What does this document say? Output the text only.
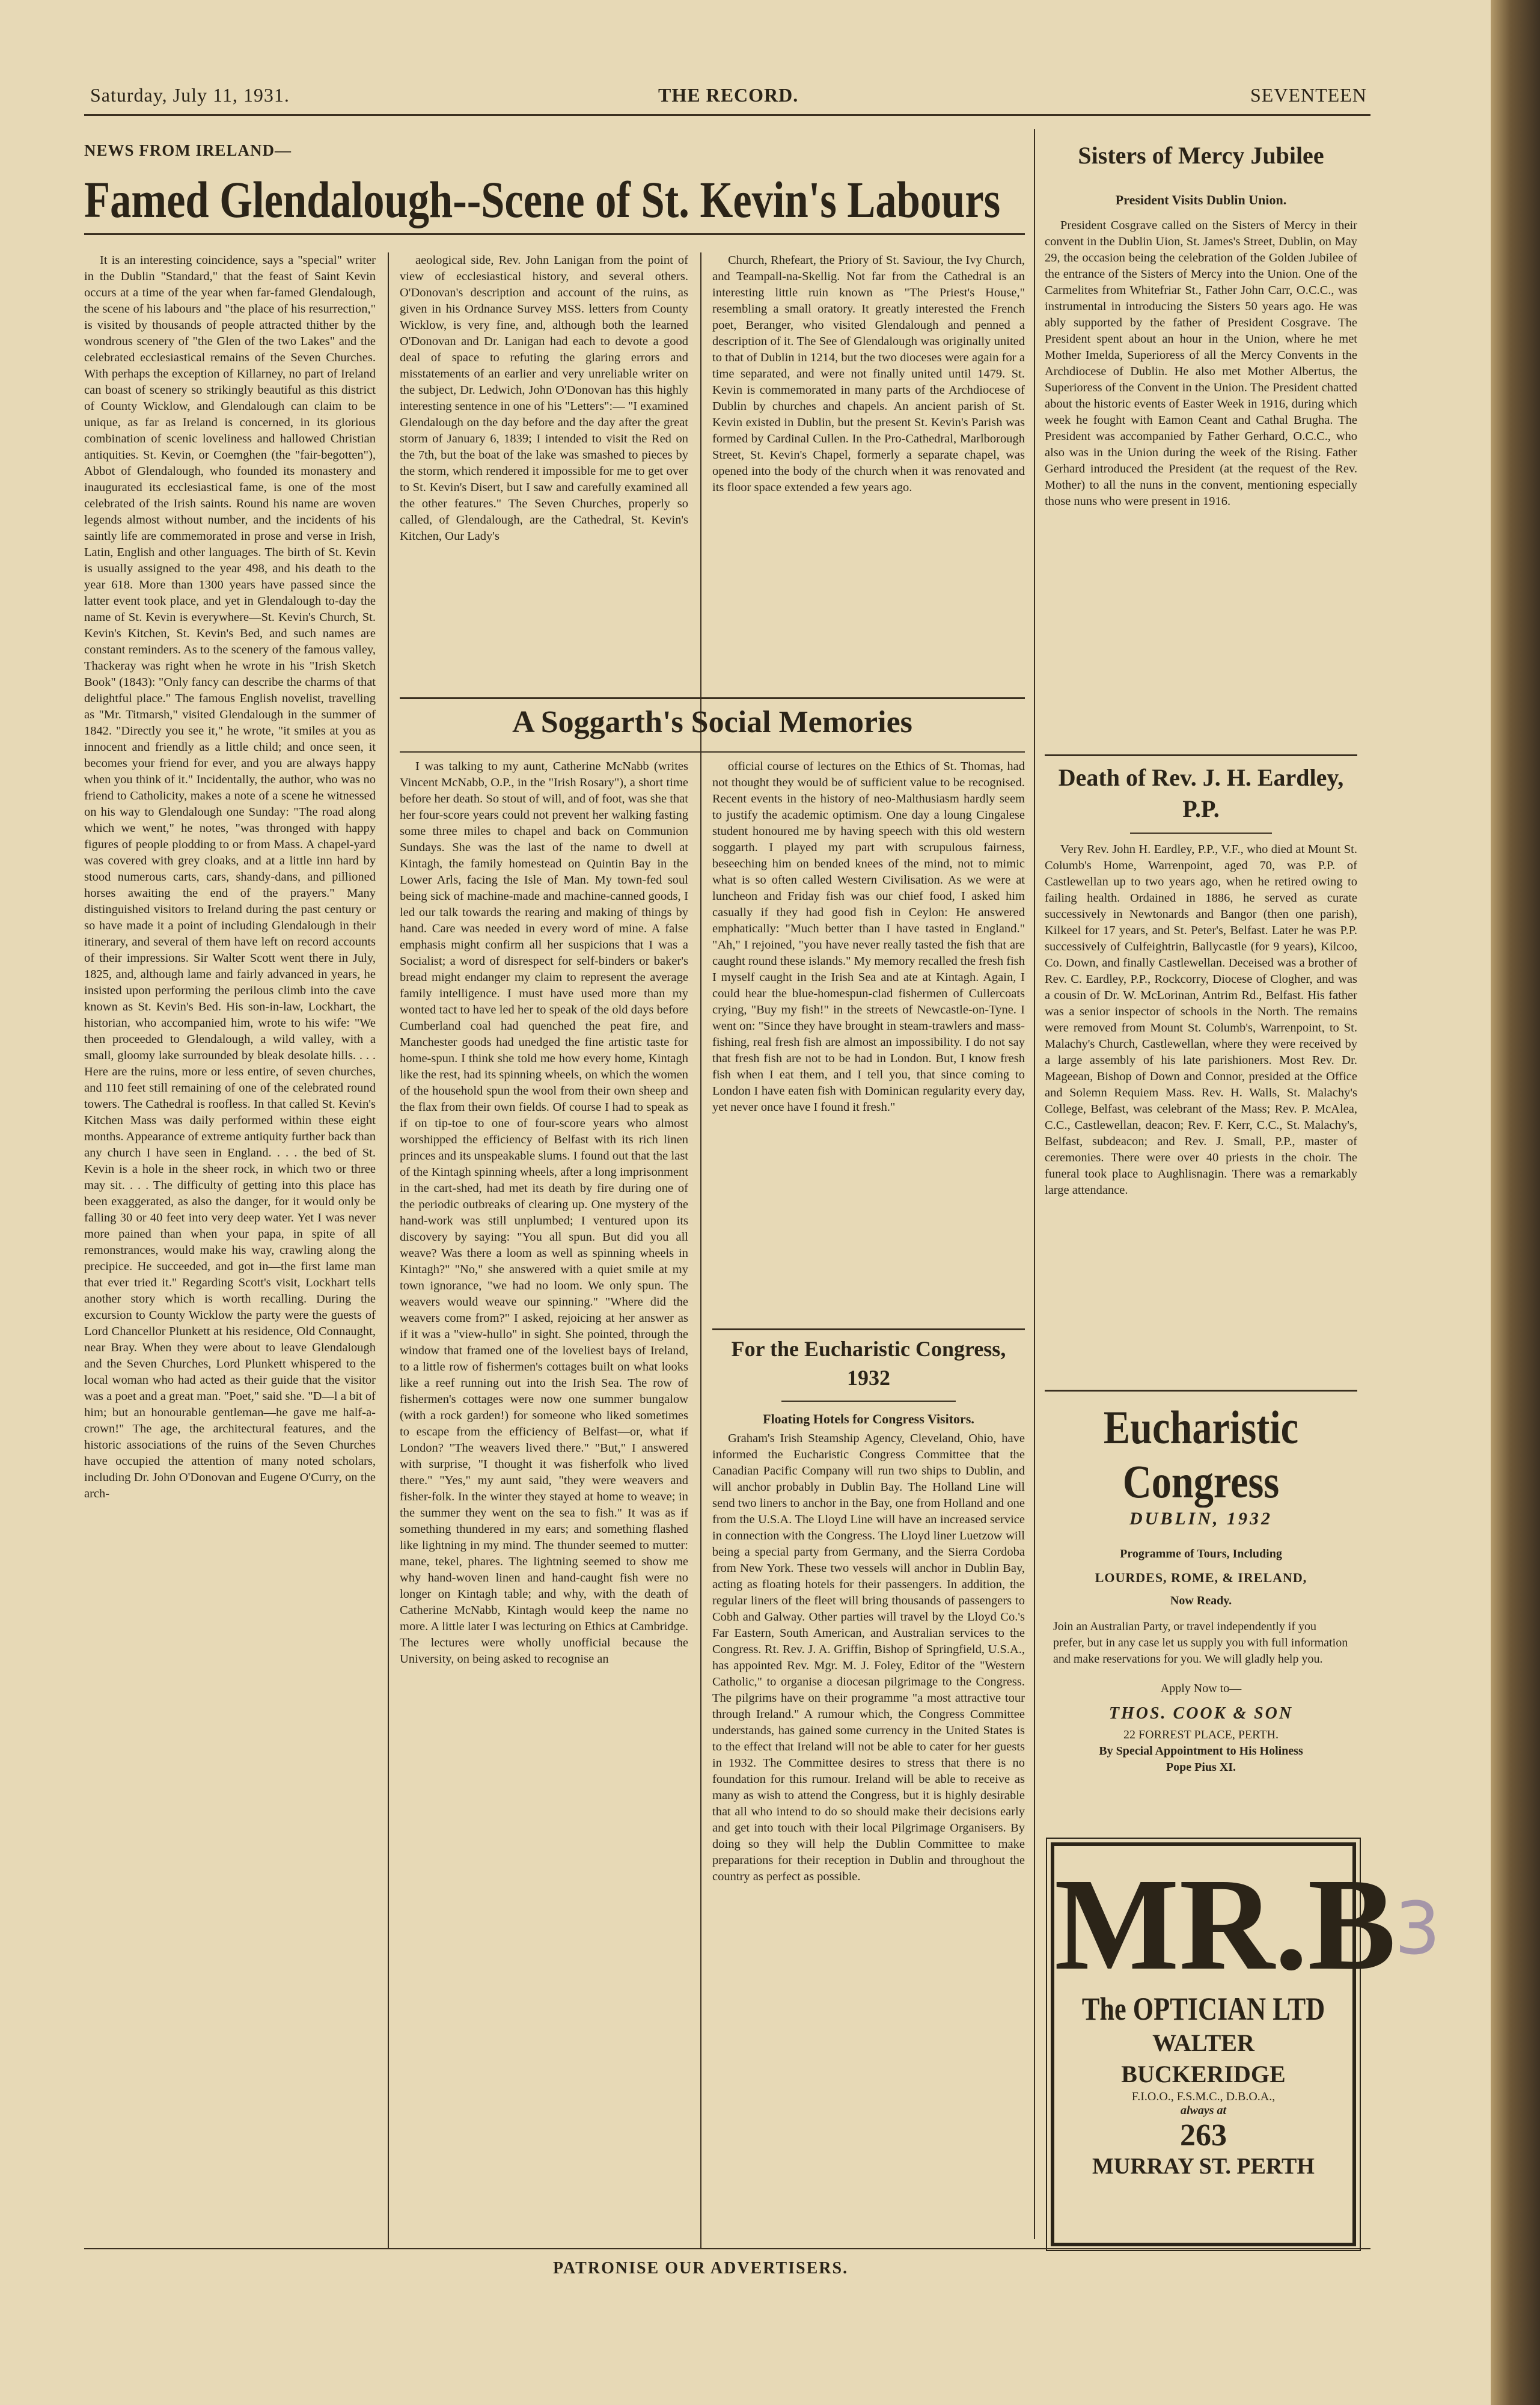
Saturday, July 11, 1931.	THE RECORD.	SEVENTEEN
NEWS FROM IRELAND—
Famed Glendalough--Scene of St. Kevin's Labours

It is an interesting coincidence, says a "special" writer in the Dublin "Standard," that the feast of Saint Kevin occurs at a time of the year when far-famed Glendalough, the scene of his labours and "the place of his resurrection," is visited by thousands of people attracted thither by the wondrous scenery of "the Glen of the two Lakes" and the celebrated ecclesiastical remains of the Seven Churches. With perhaps the exception of Killarney, no part of Ireland can boast of scenery so strikingly beautiful as this district of County Wicklow, and Glendalough can claim to be unique, as far as Ireland is concerned, in its glorious combination of scenic loveliness and hallowed Christian antiquities. St. Kevin, or Coemghen (the "fair-begotten"), Abbot of Glendalough, who founded its monastery and inaugurated its ecclesiastical fame, is one of the most celebrated of the Irish saints. Round his name are woven legends almost without number, and the incidents of his saintly life are commemorated in prose and verse in Irish, Latin, English and other languages. The birth of St. Kevin is usually assigned to the year 498, and his death to the year 618. More than 1300 years have passed since the latter event took place, and yet in Glendalough to-day the name of St. Kevin is everywhere—St. Kevin's Church, St. Kevin's Kitchen, St. Kevin's Bed, and such names are constant reminders. As to the scenery of the famous valley, Thackeray was right when he wrote in his "Irish Sketch Book" (1843): "Only fancy can describe the charms of that delightful place." The famous English novelist, travelling as "Mr. Titmarsh," visited Glendalough in the summer of 1842. "Directly you see it," he wrote, "it smiles at you as innocent and friendly as a little child; and once seen, it becomes your friend for ever, and you are always happy when you think of it." Incidentally, the author, who was no friend to Catholicity, makes a note of a scene he witnessed on his way to Glendalough one Sunday: "The road along which we went," he notes, "was thronged with happy figures of people plodding to or from Mass. A chapel-yard was covered with grey cloaks, and at a little inn hard by stood numerous carts, cars, shandy-dans, and pillioned horses awaiting the end of the prayers." Many distinguished visitors to Ireland during the past century or so have made it a point of including Glendalough in their itinerary, and several of them have left on record accounts of their impressions. Sir Walter Scott went there in July, 1825, and, although lame and fairly advanced in years, he insisted upon performing the perilous climb into the cave known as St. Kevin's Bed. His son-in-law, Lockhart, the historian, who accompanied him, wrote to his wife: "We then proceeded to Glendalough, a wild valley, with a small, gloomy lake surrounded by bleak desolate hills. . . . Here are the ruins, more or less entire, of seven churches, and 110 feet still remaining of one of the celebrated round towers. The Cathedral is roofless. In that called St. Kevin's Kitchen Mass was daily performed within these eight months. Appearance of extreme antiquity further back than any church I have seen in England. . . . the bed of St. Kevin is a hole in the sheer rock, in which two or three may sit. . . . The difficulty of getting into this place has been exaggerated, as also the danger, for it would only be falling 30 or 40 feet into very deep water. Yet I was never more pained than when your papa, in spite of all remonstrances, would make his way, crawling along the precipice. He succeeded, and got in—the first lame man that ever tried it." Regarding Scott's visit, Lockhart tells another story which is worth recalling. During the excursion to County Wicklow the party were the guests of Lord Chancellor Plunkett at his residence, Old Connaught, near Bray. When they were about to leave Glendalough and the Seven Churches, Lord Plunkett whispered to the local woman who had acted as their guide that the visitor was a poet and a great man. "Poet," said she. "D—l a bit of him; but an honourable gentleman—he gave me half-a-crown!" The age, the architectural features, and the historic associations of the ruins of the Seven Churches have occupied the attention of many noted scholars, including Dr. John O'Donovan and Eugene O'Curry, on the arch-

aeological side, Rev. John Lanigan from the point of view of ecclesiastical history, and several others. O'Donovan's description and account of the ruins, as given in his Ordnance Survey MSS. letters from County Wicklow, is very fine, and, although both the learned O'Donovan and Dr. Lanigan had each to devote a good deal of space to refuting the glaring errors and misstatements of an earlier and very unreliable writer on the subject, Dr. Ledwich, John O'Donovan has this highly interesting sentence in one of his "Letters":— "I examined Glendalough on the day before and the day after the great storm of January 6, 1839; I intended to visit the Red on the 7th, but the boat of the lake was smashed to pieces by the storm, which rendered it impossible for me to get over to St. Kevin's Disert, but I saw and carefully examined all the other features." The Seven Churches, properly so called, of Glendalough, are the Cathedral, St. Kevin's Kitchen, Our Lady's

Church, Rhefeart, the Priory of St. Saviour, the Ivy Church, and Teampall-na-Skellig. Not far from the Cathedral is an interesting little ruin known as "The Priest's House," resembling a small oratory. It greatly interested the French poet, Beranger, who visited Glendalough and penned a description of it. The See of Glendalough was originally united to that of Dublin in 1214, but the two dioceses were again for a time separated, and were not finally united until 1479. St. Kevin is commemorated in many parts of the Archdiocese of Dublin by churches and chapels. An ancient parish of St. Kevin existed in Dublin, but the present St. Kevin's Parish was formed by Cardinal Cullen. In the Pro-Cathedral, Marlborough Street, St. Kevin's Chapel, formerly a separate chapel, was opened into the body of the church when it was renovated and its floor space extended a few years ago.

A Soggarth's Social Memories

I was talking to my aunt, Catherine McNabb (writes Vincent McNabb, O.P., in the "Irish Rosary"), a short time before her death. So stout of will, and of foot, was she that her four-score years could not prevent her walking fasting some three miles to chapel and back on Communion Sundays. She was the last of the name to dwell at Kintagh, the family homestead on Quintin Bay in the Lower Arls, facing the Isle of Man. My town-fed soul being sick of machine-made and machine-canned goods, I led our talk towards the rearing and making of things by hand. Care was needed in every word of mine. A false emphasis might confirm all her suspicions that I was a Socialist; a word of disrespect for self-binders or baker's bread might endanger my claim to represent the average family intelligence. I must have used more than my wonted tact to have led her to speak of the old days before Cumberland coal had quenched the peat fire, and Manchester goods had unedged the fine artistic taste for home-spun. I think she told me how every home, Kintagh like the rest, had its spinning wheels, on which the women of the household spun the wool from their own sheep and the flax from their own fields. Of course I had to speak as if on tip-toe to one of four-score years who almost worshipped the efficiency of Belfast with its rich linen princes and its unspeakable slums. I found out that the last of the Kintagh spinning wheels, after a long imprisonment in the cart-shed, had met its death by fire during one of the periodic outbreaks of clearing up. One mystery of the hand-work was still unplumbed; I ventured upon its discovery by saying: "You all spun. But did you all weave? Was there a loom as well as spinning wheels in Kintagh?" "No," she answered with a quiet smile at my town ignorance, "we had no loom. We only spun. The weavers would weave our spinning." "Where did the weavers come from?" I asked, rejoicing at her answer as if it was a "view-hullo" in sight. She pointed, through the window that framed one of the loveliest bays of Ireland, to a little row of fishermen's cottages built on what looks like a reef running out into the Irish Sea. The row of fishermen's cottages were now one summer bungalow (with a rock garden!) for someone who liked sometimes to escape from the efficiency of Belfast—or, what if London? "The weavers lived there." "But," I answered with surprise, "I thought it was fisherfolk who lived there." "Yes," my aunt said, "they were weavers and fisher-folk. In the winter they stayed at home to weave; in the summer they went on the sea to fish." It was as if something thundered in my ears; and something flashed like lightning in my mind. The thunder seemed to mutter: mane, tekel, phares. The lightning seemed to show me why hand-woven linen and hand-caught fish were no longer on Kintagh table; and why, with the death of Catherine McNabb, Kintagh would keep the name no more. A little later I was lecturing on Ethics at Cambridge. The lectures were wholly unofficial because the University, on being asked to recognise an

official course of lectures on the Ethics of St. Thomas, had not thought they would be of sufficient value to be recognised. Recent events in the history of neo-Malthusiasm hardly seem to justify the academic optimism. One day a loung Cingalese student honoured me by having speech with this old western soggarth. I played my part with scrupulous fairness, beseeching him on bended knees of the mind, not to mimic what is so often called Western Civilisation. As we were at luncheon and Friday fish was our chief food, I asked him casually if they had good fish in Ceylon: He answered emphatically: "Much better than I have tasted in England." "Ah," I rejoined, "you have never really tasted the fish that are caught round these islands." My memory recalled the fresh fish I myself caught in the Irish Sea and ate at Kintagh. Again, I could hear the blue-homespun-clad fishermen of Cullercoats crying, "Buy my fish!" in the streets of Newcastle-on-Tyne. I went on: "Since they have brought in steam-trawlers and mass-fishing, real fresh fish are almost an impossibility. I do not say that fresh fish are not to be had in London. But, I know fresh fish when I eat them, and I tell you, that since coming to London I have eaten fish with Dominican regularity every day, yet never once have I found it fresh."

For the Eucharistic Congress, 1932
Floating Hotels for Congress Visitors.

Graham's Irish Steamship Agency, Cleveland, Ohio, have informed the Eucharistic Congress Committee that the Canadian Pacific Company will run two ships to Dublin, and will anchor probably in Dublin Bay. The Holland Line will send two liners to anchor in the Bay, one from Holland and one from the U.S.A. The Lloyd Line will have an increased service in connection with the Congress. The Lloyd liner Luetzow will being a special party from Germany, and the Sierra Cordoba from New York. These two vessels will anchor in Dublin Bay, acting as floating hotels for their passengers. In addition, the regular liners of the fleet will bring thousands of passengers to Cobh and Galway. Other parties will travel by the Lloyd Co.'s Far Eastern, South American, and Australian services to the Congress. Rt. Rev. J. A. Griffin, Bishop of Springfield, U.S.A., has appointed Rev. Mgr. M. J. Foley, Editor of the "Western Catholic," to organise a diocesan pilgrimage to the Congress. The pilgrims have on their programme "a most attractive tour through Ireland." A rumour which, the Congress Committee understands, has gained some currency in the United States is to the effect that Ireland will not be able to cater for her guests in 1932. The Committee desires to stress that there is no foundation for this rumour. Ireland will be able to receive as many as wish to attend the Congress, but it is highly desirable that all who intend to do so should make their decisions early and get into touch with their local Pilgrimage Organisers. By doing so they will help the Dublin Committee to make preparations for their reception in Dublin and throughout the country as perfect as possible.

Sisters of Mercy Jubilee
President Visits Dublin Union.

President Cosgrave called on the Sisters of Mercy in their convent in the Dublin Uion, St. James's Street, Dublin, on May 29, the occasion being the celebration of the Golden Jubilee of the entrance of the Sisters of Mercy into the Union. One of the Carmelites from Whitefriar St., Father John Carr, O.C.C., was instrumental in introducing the Sisters 50 years ago. He was ably supported by the father of President Cosgrave. The President spent about an hour in the Union, where he met Mother Imelda, Superioress of all the Mercy Convents in the Archdiocese of Dublin. He also met Mother Albertus, the Superioress of the Convent in the Union. The President chatted about the historic events of Easter Week in 1916, during which week he fought with Eamon Ceant and Cathal Brugha. The President was accompanied by Father Gerhard, O.C.C., who also was in the Union during the week of the Rising. Father Gerhard introduced the President (at the request of the Rev. Mother) to all the nuns in the convent, mentioning especially those nuns who were present in 1916.

Death of Rev. J. H. Eardley, P.P.

Very Rev. John H. Eardley, P.P., V.F., who died at Mount St. Columb's Home, Warrenpoint, aged 70, was P.P. of Castlewellan up to two years ago, when he retired owing to failing health. Ordained in 1886, he served as curate successively in Newtonards and Bangor (then one parish), Kilkeel for 17 years, and St. Peter's, Belfast. Later he was P.P. successively of Culfeightrin, Ballycastle (for 9 years), Kilcoo, Co. Down, and finally Castlewellan. Deceised was a brother of Rev. C. Eardley, P.P., Rockcorry, Diocese of Clogher, and was a cousin of Dr. W. McLorinan, Antrim Rd., Belfast. His father was a senior inspector of schools in the North. The remains were removed from Mount St. Columb's, Warrenpoint, to St. Malachy's Church, Castlewellan, where they were received by a large assembly of his late parishioners. Most Rev. Dr. Mageean, Bishop of Down and Connor, presided at the Office and Solemn Requiem Mass. Rev. H. Walls, St. Malachy's College, Belfast, was celebrant of the Mass; Rev. P. McAlea, C.C., Castlewellan, deacon; Rev. F. Kerr, C.C., St. Malachy's, Belfast, subdeacon; and Rev. J. Small, P.P., master of ceremonies. There were over 40 priests in the choir. The funeral took place to Aughlisnagin. There was a remarkably large attendance.

Eucharistic Congress
DUBLIN, 1932
Programme of Tours, Including
LOURDES, ROME, & IRELAND,
Now Ready.
Join an Australian Party, or travel independently if you prefer, but in any case let us supply you with full information and make reservations for you. We will gladly help you.
Apply Now to—
THOS. COOK & SON
22 FORREST PLACE, PERTH.
By Special Appointment to His Holiness Pope Pius XI.
MR.B
The OPTICIAN LTD
WALTER
BUCKERIDGE
F.I.O.O., F.S.M.C., D.B.O.A.,
always at
263
MURRAY ST. PERTH
3
PATRONISE OUR ADVERTISERS.
